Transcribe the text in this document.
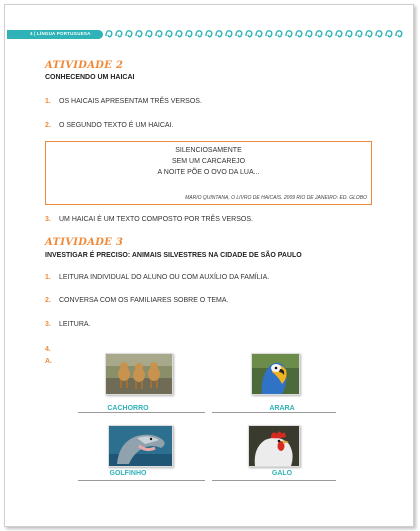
4 | LÍNGUA PORTUGUESA
ATIVIDADE 2
CONHECENDO UM HAICAI
1. OS HAICAIS APRESENTAM TRÊS VERSOS.
2. O SEGUNDO TEXTO É UM HAICAI.
SILENCIOSAMENTE
SEM UM CARCAREJO
A NOITE PÕE O OVO DA LUA...
MARIO QUINTANA, O LIVRO DE HAICAIS. 2009 RIO DE JANEIRO: ED. GLOBO
3. UM HAICAI É UM TEXTO COMPOSTO POR TRÊS VERSOS.
ATIVIDADE 3
INVESTIGAR É PRECISO: ANIMAIS SILVESTRES NA CIDADE DE SÃO PAULO
1. LEITURA INDIVIDUAL DO ALUNO OU COM AUXÍLIO DA FAMÍLIA.
2. CONVERSA COM OS FAMILIARES SOBRE O TEMA.
3. LEITURA.
4.
A.
CACHORRO	ARARA
GOLFINHO	GALO
